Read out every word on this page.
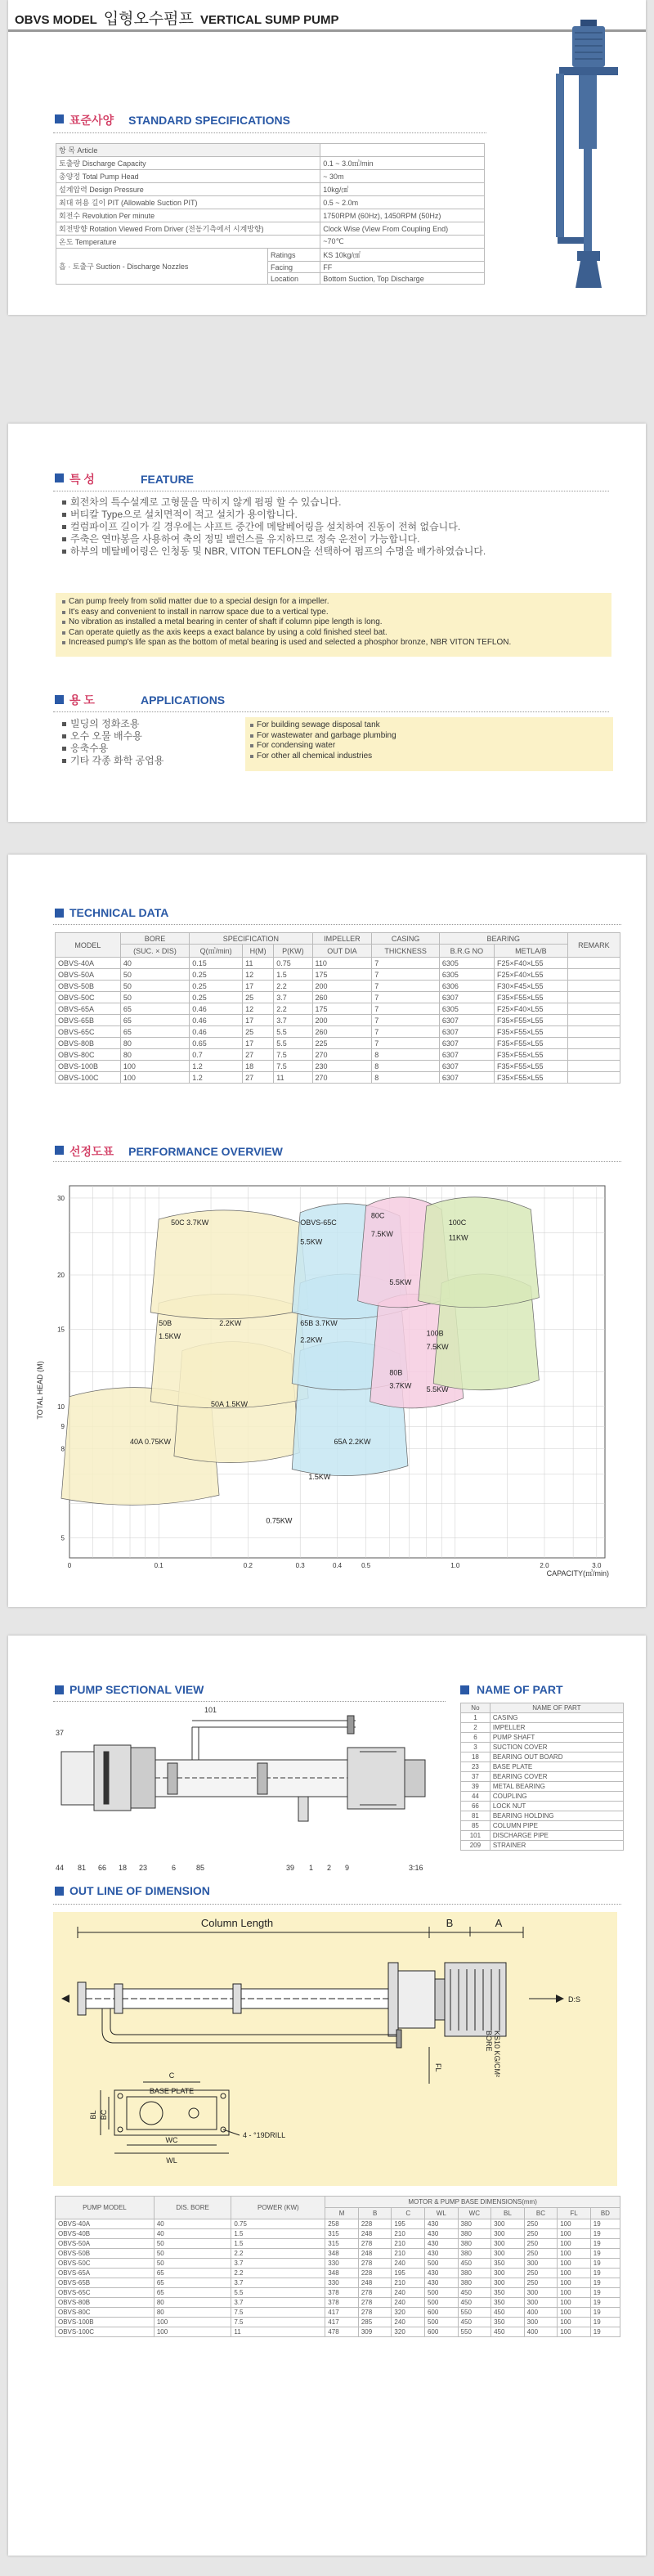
OBVS MODEL 입형오수펌프 VERTICAL SUMP PUMP
표준사양 STANDARD SPECIFICATIONS
항 목 Article		
토출량 Discharge Capacity		0.1 ~ 3.0㎥/min
총양정 Total Pump Head		~ 30m
설계압력 Design Pressure		10kg/㎠
최대 허용 길이 PIT (Allowable Suction PIT)		0.5 ~ 2.0m
회전수 Revolution Per minute		1750RPM (60Hz), 1450RPM (50Hz)
회전방향 Rotation Viewed From Driver (전동기측에서 시계방향)		Clock Wise (View From Coupling End)
온도 Temperature		~70℃
흡 · 토출구 Suction - Discharge Nozzles	Ratings	KS 10kg/㎠
	Facing	FF
	Location	Bottom Suction, Top Discharge
특 성	FEATURE
회전차의 특수설계로 고형물을 막히지 않게 펌핑 할 수 있습니다.
버티칼 Type으로 설치면적이 적고 설치가 용이합니다.
컬럼파이프 길이가 길 경우에는 샤프트 중간에 메탈베어링을 설치하여 진동이 전혀 없습니다.
주축은 연마봉을 사용하여 축의 정밀 밸런스를 유지하므로 정숙 운전이 가능합니다.
하부의 메탈베어링은 인청동 및 NBR, VITON TEFLON을 선택하여 펌프의 수명을 배가하였습니다.
Can pump freely from solid matter due to a special design for a impeller.
It's easy and convenient to install in narrow space due to a vertical type.
No vibration as installed a metal bearing in center of shaft if column pipe length is long.
Can operate quietly as the axis keeps a exact balance by using a cold finished steel bat.
Increased pump's life span as the bottom of metal bearing is used and selected a phosphor bronze, NBR VITON TEFLON.
용 도	APPLICATIONS
빌딩의 정화조용
오수 오물 배수용
응축수용
기타 각종 화학 공업용
For building sewage disposal tank
For wastewater and garbage plumbing
For condensing water
For other all chemical industries
TECHNICAL DATA
MODEL	BORE	SPECIFICATION			IMPELLER	CASING	BEARING		REMARK
	(SUC. × DIS)	Q(㎥/min)	H(M)	P(KW)	OUT DIA	THICKNESS	B.R.G NO	METLA/B	
OBVS-40A	40	0.15	11	0.75	110	7	6305	F25×F40×L55	
OBVS-50A	50	0.25	12	1.5	175	7	6305	F25×F40×L55	
OBVS-50B	50	0.25	17	2.2	200	7	6306	F30×F45×L55	
OBVS-50C	50	0.25	25	3.7	260	7	6307	F35×F55×L55	
OBVS-65A	65	0.46	12	2.2	175	7	6305	F25×F40×L55	
OBVS-65B	65	0.46	17	3.7	200	7	6307	F35×F55×L55	
OBVS-65C	65	0.46	25	5.5	260	7	6307	F35×F55×L55	
OBVS-80B	80	0.65	17	5.5	225	7	6307	F35×F55×L55	
OBVS-80C	80	0.7	27	7.5	270	8	6307	F35×F55×L55	
OBVS-100B	100	1.2	18	7.5	230	8	6307	F35×F55×L55	
OBVS-100C	100	1.2	27	11	270	8	6307	F35×F55×L55	
선정도표 PERFORMANCE OVERVIEW
50C 3.7KW	OBVS-65C
5.5KW
80C
7.5KW
100C
11KW
5.5KW
50B
1.5KW
2.2KW	65B 3.7KW
2.2KW
100B
7.5KW
80B
3.7KW 5.5KW
50A 1.5KW
40A 0.75KW	65A 2.2KW
1.5KW
0.75KW
0	0.1	0.2	0.3	0.4	0.5	1.0	2.0	3.0
30
20
15
10
9
8
5
TOTAL HEAD (M)
CAPACITY(㎥/min)
PUMP SECTIONAL VIEW
101
37
44 81 66 18 23	6	85	39 1 2 9	3:16
NAME OF PART
No	NAME OF PART
1	CASING
2	IMPELLER
6	PUMP SHAFT
3	SUCTION COVER
18	BEARING OUT BOARD
23	BASE PLATE
37	BEARING COVER
39	METAL BEARING
44	COUPLING
66	LOCK NUT
81	BEARING HOLDING
85	COLUMN PIPE
101	DISCHARGE PIPE
209	STRAINER
OUT LINE OF DIMENSION
Column Length	B	A
D:S
KS10 KG/CM²
BORE
FL
C
BASE PLATE
BL BC
4 - °19DRILL
WC
WL
PUMP MODEL	DIS. BORE	POWER (KW)	MOTOR & PUMP BASE DIMENSIONS(mm)								
			M	B	C	WL	WC	BL	BC	FL	BD
OBVS-40A	40	0.75	258	228	195	430	380	300	250	100	19
OBVS-40B	40	1.5	315	248	210	430	380	300	250	100	19
OBVS-50A	50	1.5	315	278	210	430	380	300	250	100	19
OBVS-50B	50	2.2	348	248	210	430	380	300	250	100	19
OBVS-50C	50	3.7	330	278	240	500	450	350	300	100	19
OBVS-65A	65	2.2	348	228	195	430	380	300	250	100	19
OBVS-65B	65	3.7	330	248	210	430	380	300	250	100	19
OBVS-65C	65	5.5	378	278	240	500	450	350	300	100	19
OBVS-80B	80	3.7	378	278	240	500	450	350	300	100	19
OBVS-80C	80	7.5	417	278	320	600	550	450	400	100	19
OBVS-100B	100	7.5	417	285	240	500	450	350	300	100	19
OBVS-100C	100	11	478	309	320	600	550	450	400	100	19
